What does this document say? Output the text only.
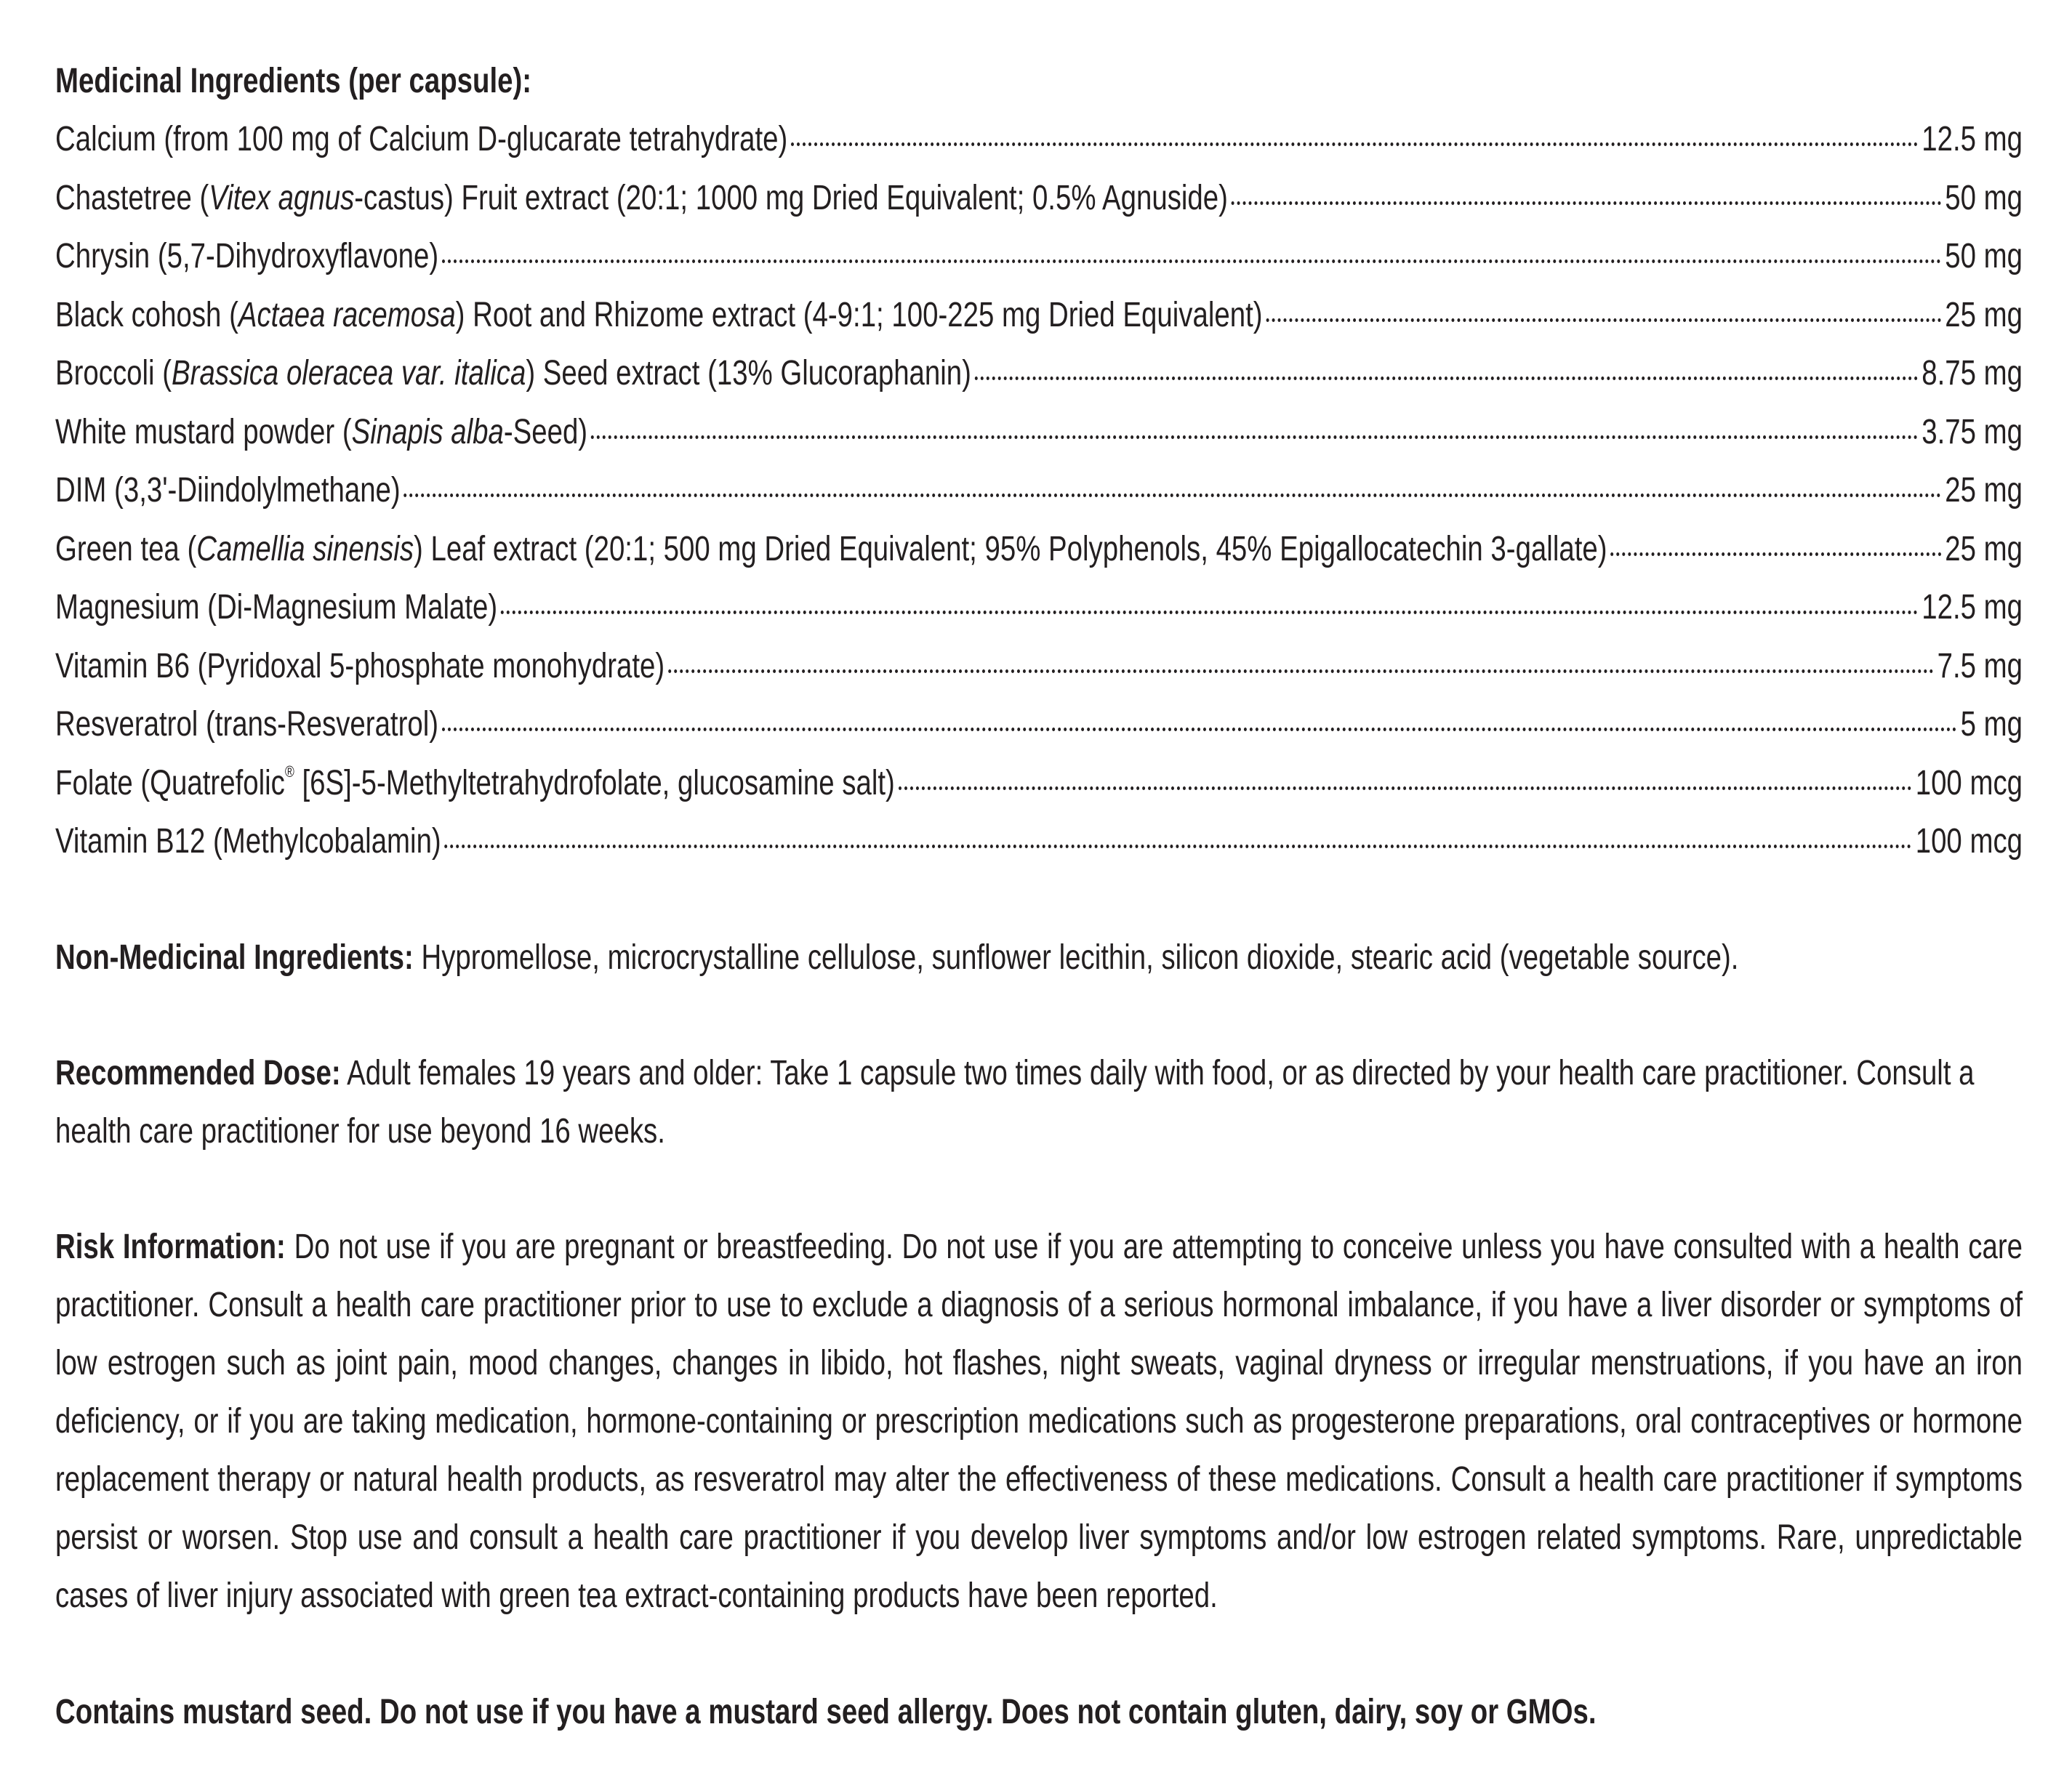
Medicinal Ingredients (per capsule):
Calcium (from 100 mg of Calcium D-glucarate tetrahydrate)	12.5 mg
Chastetree (Vitex agnus-castus) Fruit extract (20:1; 1000 mg Dried Equivalent; 0.5% Agnuside)	50 mg
Chrysin (5,7-Dihydroxyflavone)	50 mg
Black cohosh (Actaea racemosa) Root and Rhizome extract (4-9:1; 100-225 mg Dried Equivalent)	25 mg
Broccoli (Brassica oleracea var. italica) Seed extract (13% Glucoraphanin)	8.75 mg
White mustard powder (Sinapis alba-Seed)	3.75 mg
DIM (3,3'-Diindolylmethane)	25 mg
Green tea (Camellia sinensis) Leaf extract (20:1; 500 mg Dried Equivalent; 95% Polyphenols, 45% Epigallocatechin 3-gallate)	25 mg
Magnesium (Di-Magnesium Malate)	12.5 mg
Vitamin B6 (Pyridoxal 5-phosphate monohydrate)	7.5 mg
Resveratrol (trans-Resveratrol)	5 mg
Folate (Quatrefolic® [6S]-5-Methyltetrahydrofolate, glucosamine salt)	100 mcg
Vitamin B12 (Methylcobalamin)	100 mcg
Non-Medicinal Ingredients: Hypromellose, microcrystalline cellulose, sunflower lecithin, silicon dioxide, stearic acid (vegetable source).
Recommended Dose: Adult females 19 years and older: Take 1 capsule two times daily with food, or as directed by your health care practitioner. Consult a health care practitioner for use beyond 16 weeks.
Risk Information: Do not use if you are pregnant or breastfeeding. Do not use if you are attempting to conceive unless you have consulted with a health care practitioner. Consult a health care practitioner prior to use to exclude a diagnosis of a serious hormonal imbalance, if you have a liver disorder or symptoms of low estrogen such as joint pain, mood changes, changes in libido, hot flashes, night sweats, vaginal dryness or irregular menstruations, if you have an iron deficiency, or if you are taking medication, hormone-containing or prescription medications such as progesterone preparations, oral contraceptives or hormone replacement therapy or natural health products, as resveratrol may alter the effectiveness of these medications. Consult a health care practitioner if symptoms persist or worsen. Stop use and consult a health care practitioner if you develop liver symptoms and/or low estrogen related symptoms. Rare, unpredictable cases of liver injury associated with green tea extract-containing products have been reported.
Contains mustard seed. Do not use if you have a mustard seed allergy. Does not contain gluten, dairy, soy or GMOs.
